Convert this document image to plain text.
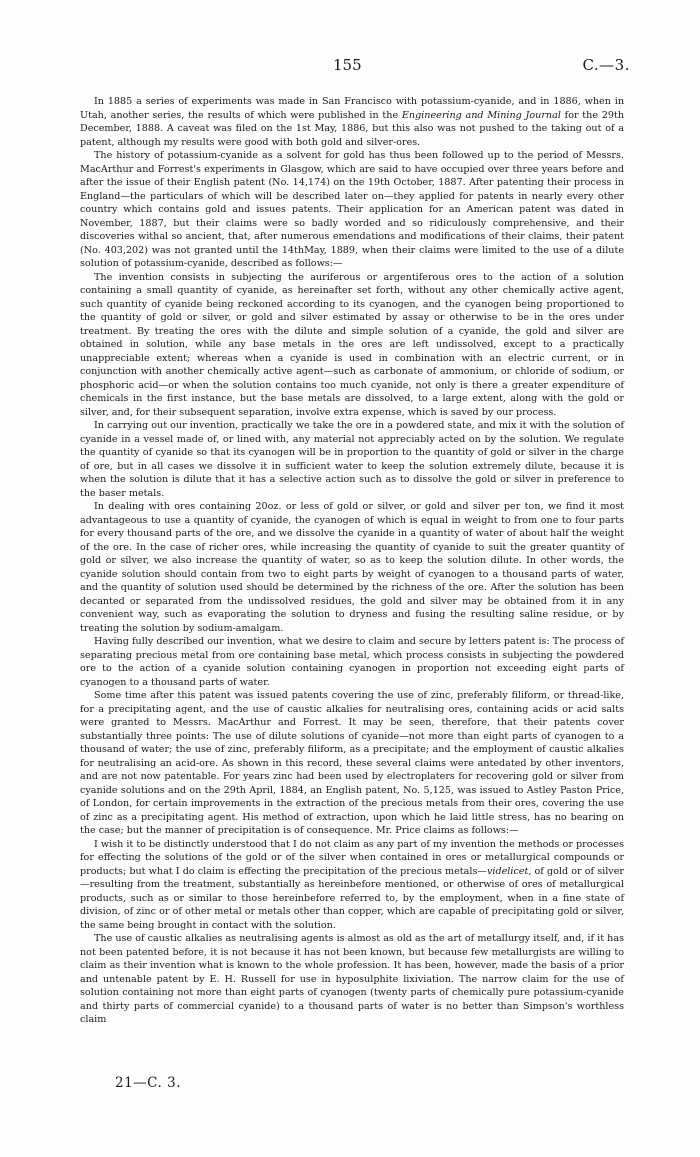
155	C.—3.

In 1885 a series of experiments was made in San Francisco with potassium-cyanide, and in 1886, when in Utah, another series, the results of which were published in the Engineering and Mining Journal for the 29th December, 1888. A caveat was filed on the 1st May, 1886, but this also was not pushed to the taking out of a patent, although my results were good with both gold and silver-ores.

The history of potassium-cyanide as a solvent for gold has thus been followed up to the period of Messrs. MacArthur and Forrest's experiments in Glasgow, which are said to have occupied over three years before and after the issue of their English patent (No. 14,174) on the 19th October, 1887. After patenting their process in England—the particulars of which will be described later on—they applied for patents in nearly every other country which contains gold and issues patents. Their application for an American patent was dated in November, 1887, but their claims were so badly worded and so ridiculously comprehensive, and their discoveries withal so ancient, that, after numerous emendations and modifications of their claims, their patent (No. 403,202) was not granted until the 14thMay, 1889, when their claims were limited to the use of a dilute solution of potassium-cyanide, described as follows:—

The invention consists in subjecting the auriferous or argentiferous ores to the action of a solution containing a small quantity of cyanide, as hereinafter set forth, without any other chemically active agent, such quantity of cyanide being reckoned according to its cyanogen, and the cyanogen being proportioned to the quantity of gold or silver, or gold and silver estimated by assay or otherwise to be in the ores under treatment. By treating the ores with the dilute and simple solution of a cyanide, the gold and silver are obtained in solution, while any base metals in the ores are left undissolved, except to a practically unappreciable extent; whereas when a cyanide is used in combination with an electric current, or in conjunction with another chemically active agent—such as carbonate of ammonium, or chloride of sodium, or phosphoric acid—or when the solution contains too much cyanide, not only is there a greater expenditure of chemicals in the first instance, but the base metals are dissolved, to a large extent, along with the gold or silver, and, for their subsequent separation, involve extra expense, which is saved by our process.

In carrying out our invention, practically we take the ore in a powdered state, and mix it with the solution of cyanide in a vessel made of, or lined with, any material not appreciably acted on by the solution. We regulate the quantity of cyanide so that its cyanogen will be in proportion to the quantity of gold or silver in the charge of ore, but in all cases we dissolve it in sufficient water to keep the solution extremely dilute, because it is when the solution is dilute that it has a selective action such as to dissolve the gold or silver in preference to the baser metals.

In dealing with ores containing 20oz. or less of gold or silver, or gold and silver per ton, we find it most advantageous to use a quantity of cyanide, the cyanogen of which is equal in weight to from one to four parts for every thousand parts of the ore, and we dissolve the cyanide in a quantity of water of about half the weight of the ore. In the case of richer ores, while increasing the quantity of cyanide to suit the greater quantity of gold or silver, we also increase the quantity of water, so as to keep the solution dilute. In other words, the cyanide solution should contain from two to eight parts by weight of cyanogen to a thousand parts of water, and the quantity of solution used should be determined by the richness of the ore. After the solution has been decanted or separated from the undissolved residues, the gold and silver may be obtained from it in any convenient way, such as evaporating the solution to dryness and fusing the resulting saline residue, or by treating the solution by sodium-amalgam.

Having fully described our invention, what we desire to claim and secure by letters patent is: The process of separating precious metal from ore containing base metal, which process consists in subjecting the powdered ore to the action of a cyanide solution containing cyanogen in proportion not exceeding eight parts of cyanogen to a thousand parts of water.

Some time after this patent was issued patents covering the use of zinc, preferably filiform, or thread-like, for a precipitating agent, and the use of caustic alkalies for neutralising ores, containing acids or acid salts were granted to Messrs. MacArthur and Forrest. It may be seen, therefore, that their patents cover substantially three points: The use of dilute solutions of cyanide—not more than eight parts of cyanogen to a thousand of water; the use of zinc, preferably filiform, as a precipitate; and the employment of caustic alkalies for neutralising an acid-ore. As shown in this record, these several claims were antedated by other inventors, and are not now patentable. For years zinc had been used by electroplaters for recovering gold or silver from cyanide solutions and on the 29th April, 1884, an English patent, No. 5,125, was issued to Astley Paston Price, of London, for certain improvements in the extraction of the precious metals from their ores, covering the use of zinc as a precipitating agent. His method of extraction, upon which he laid little stress, has no bearing on the case; but the manner of precipitation is of consequence. Mr. Price claims as follows:—

I wish it to be distinctly understood that I do not claim as any part of my invention the methods or processes for effecting the solutions of the gold or of the silver when contained in ores or metallurgical compounds or products; but what I do claim is effecting the precipitation of the precious metals—videlicet, of gold or of silver—resulting from the treatment, substantially as hereinbefore mentioned, or otherwise of ores of metallurgical products, such as or similar to those hereinbefore referred to, by the employment, when in a fine state of division, of zinc or of other metal or metals other than copper, which are capable of precipitating gold or silver, the same being brought in contact with the solution.

The use of caustic alkalies as neutralising agents is almost as old as the art of metallurgy itself, and, if it has not been patented before, it is not because it has not been known, but because few metallurgists are willing to claim as their invention what is known to the whole profession. It has been, however, made the basis of a prior and untenable patent by E. H. Russell for use in hyposulphite lixiviation. The narrow claim for the use of solution containing not more than eight parts of cyanogen (twenty parts of chemically pure potassium-cyanide and thirty parts of commercial cyanide) to a thousand parts of water is no better than Simpson's worthless claim

21—C. 3.
